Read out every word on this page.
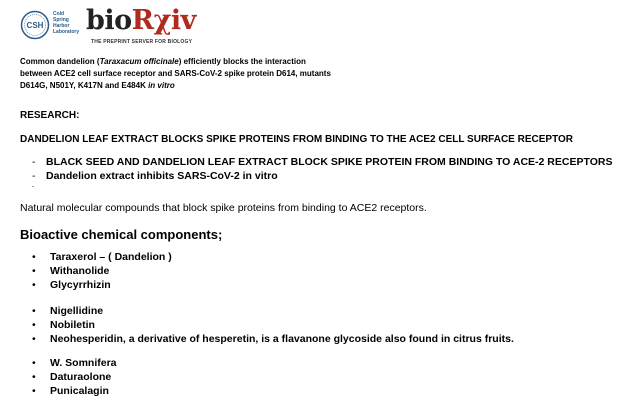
CSH
Cold
Spring
Harbor
Laboratory bioRχiv
THE PREPRINT SERVER FOR BIOLOGY
Common dandelion (Taraxacum officinale) efficiently blocks the interaction
between ACE2 cell surface receptor and SARS-CoV-2 spike protein D614, mutants
D614G, N501Y, K417N and E484K in vitro
RESEARCH:
DANDELION LEAF EXTRACT BLOCKS SPIKE PROTEINS FROM BINDING TO THE ACE2 CELL SURFACE RECEPTOR
- BLACK SEED AND DANDELION LEAF EXTRACT BLOCK SPIKE PROTEIN FROM BINDING TO ACE-2 RECEPTORS
- Dandelion extract inhibits SARS-CoV-2 in vitro
-
Natural molecular compounds that block spike proteins from binding to ACE2 receptors.
Bioactive chemical components;
• Taraxerol – ( Dandelion )
• Withanolide
• Glycyrrhizin
• Nigellidine
• Nobiletin
• Neohesperidin, a derivative of hesperetin, is a flavanone glycoside also found in citrus fruits.
• W. Somnifera
• Daturaolone
• Punicalagin
